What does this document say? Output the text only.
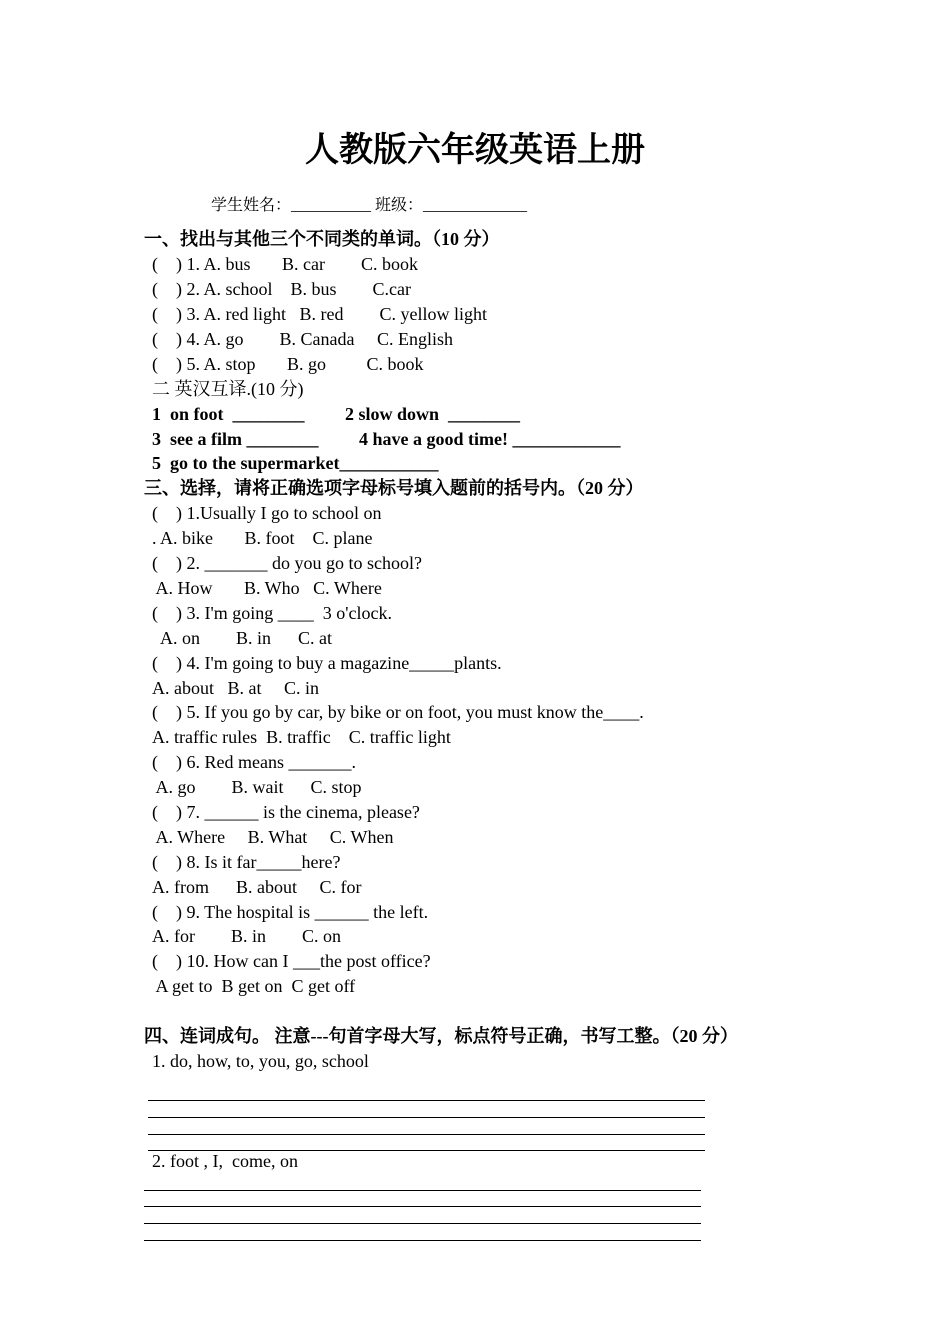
人教版六年级英语上册
学生姓名：__________ 班级：_____________
一、找出与其他三个不同类的单词。（10 分）
(    ) 1. A. bus       B. car        C. book
(    ) 2. A. school    B. bus        C.car
(    ) 3. A. red light   B. red        C. yellow light
(    ) 4. A. go        B. Canada     C. English
(    ) 5. A. stop       B. go         C. book
二 英汉互译.(10 分)
1  on foot  ________         2 slow down  ________
3  see a film ________         4 have a good time! ____________
5  go to the supermarket___________
三、选择，请将正确选项字母标号填入题前的括号内。（20 分）
(    ) 1.Usually I go to school on
. A. bike       B. foot    C. plane
(    ) 2. _______ do you go to school?
A. How       B. Who   C. Where
(    ) 3. I'm going ____  3 o'clock.
A. on        B. in      C. at
(    ) 4. I'm going to buy a magazine_____plants.
A. about   B. at     C. in
(    ) 5. If you go by car, by bike or on foot, you must know the____.
A. traffic rules  B. traffic    C. traffic light
(    ) 6. Red means _______.
A. go        B. wait      C. stop
(    ) 7. ______ is the cinema, please?
A. Where     B. What     C. When
(    ) 8. Is it far_____here?
A. from      B. about     C. for
(    ) 9. The hospital is ______ the left.
A. for        B. in        C. on
(    ) 10. How can I ___the post office?
A get to  B get on  C get off
四、连词成句。 注意---句首字母大写，标点符号正确，书写工整。（20 分）
1. do, how, to, you, go, school
2. foot , I,  come, on
